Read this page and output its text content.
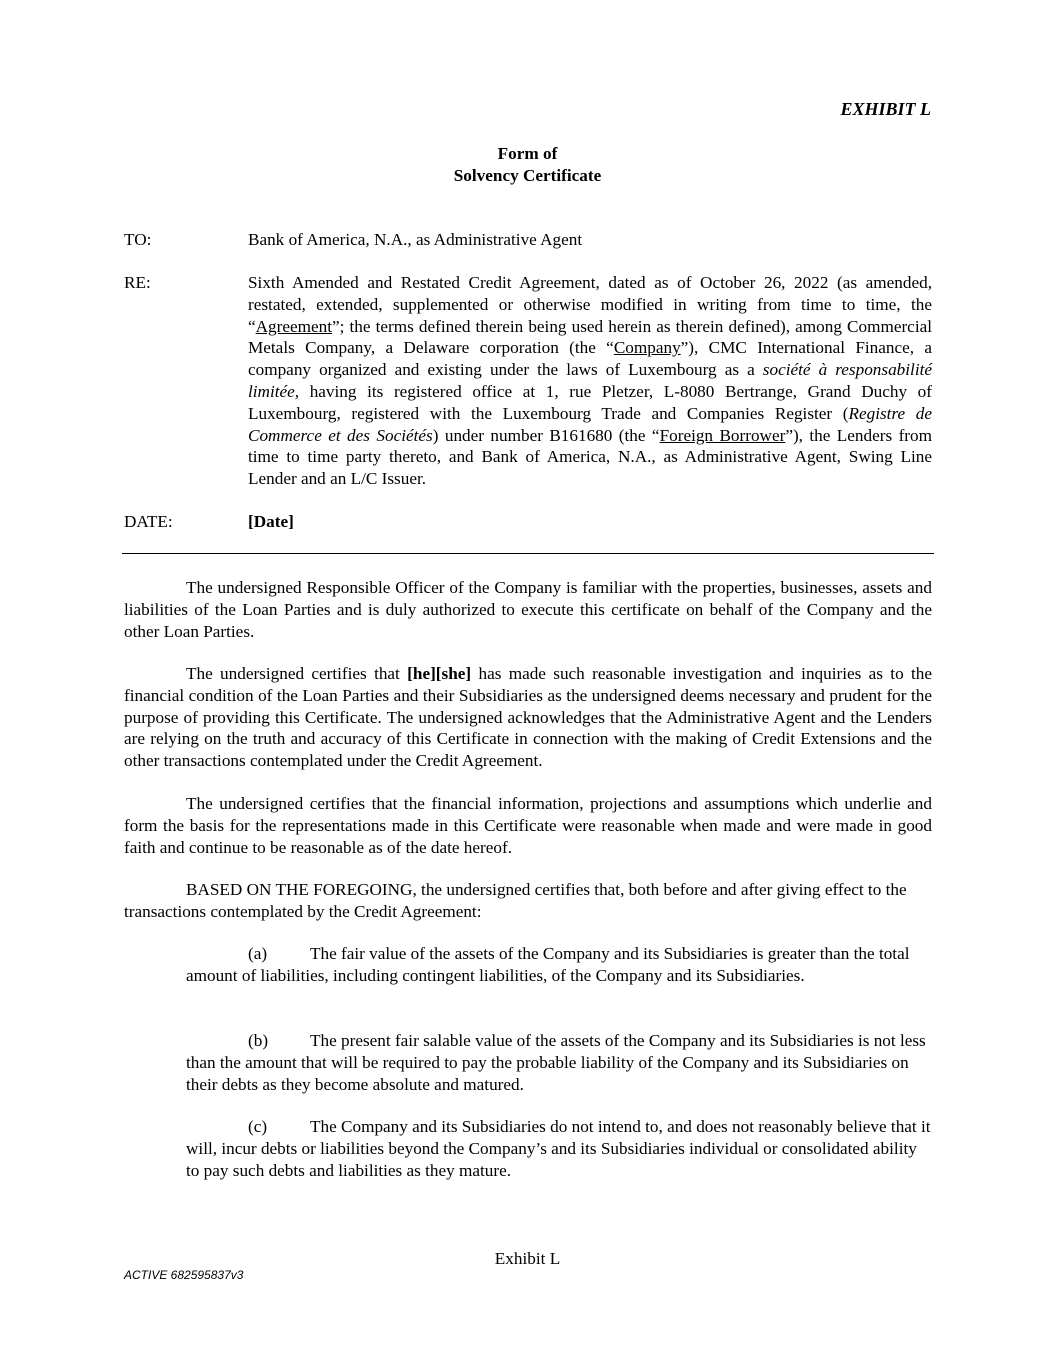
EXHIBIT L
Form of
Solvency Certificate
TO:	Bank of America, N.A., as Administrative Agent
RE:	Sixth Amended and Restated Credit Agreement, dated as of October 26, 2022 (as amended, restated, extended, supplemented or otherwise modified in writing from time to time, the “Agreement”; the terms defined therein being used herein as therein defined), among Commercial Metals Company, a Delaware corporation (the “Company”), CMC International Finance, a company organized and existing under the laws of Luxembourg as a société à responsabilité limitée, having its registered office at 1, rue Pletzer, L-8080 Bertrange, Grand Duchy of Luxembourg, registered with the Luxembourg Trade and Companies Register (Registre de Commerce et des Sociétés) under number B161680 (the “Foreign Borrower”), the Lenders from time to time party thereto, and Bank of America, N.A., as Administrative Agent, Swing Line Lender and an L/C Issuer.
DATE:	[Date]
The undersigned Responsible Officer of the Company is familiar with the properties, businesses, assets and liabilities of the Loan Parties and is duly authorized to execute this certificate on behalf of the Company and the other Loan Parties.
The undersigned certifies that [he][she] has made such reasonable investigation and inquiries as to the financial condition of the Loan Parties and their Subsidiaries as the undersigned deems necessary and prudent for the purpose of providing this Certificate. The undersigned acknowledges that the Administrative Agent and the Lenders are relying on the truth and accuracy of this Certificate in connection with the making of Credit Extensions and the other transactions contemplated under the Credit Agreement.
The undersigned certifies that the financial information, projections and assumptions which underlie and form the basis for the representations made in this Certificate were reasonable when made and were made in good faith and continue to be reasonable as of the date hereof.
BASED ON THE FOREGOING, the undersigned certifies that, both before and after giving effect to the transactions contemplated by the Credit Agreement:
(a) The fair value of the assets of the Company and its Subsidiaries is greater than the total amount of liabilities, including contingent liabilities, of the Company and its Subsidiaries.
(b) The present fair salable value of the assets of the Company and its Subsidiaries is not less than the amount that will be required to pay the probable liability of the Company and its Subsidiaries on their debts as they become absolute and matured.
(c) The Company and its Subsidiaries do not intend to, and does not reasonably believe that it will, incur debts or liabilities beyond the Company’s and its Subsidiaries individual or consolidated ability to pay such debts and liabilities as they mature.
Exhibit L
ACTIVE 682595837v3
